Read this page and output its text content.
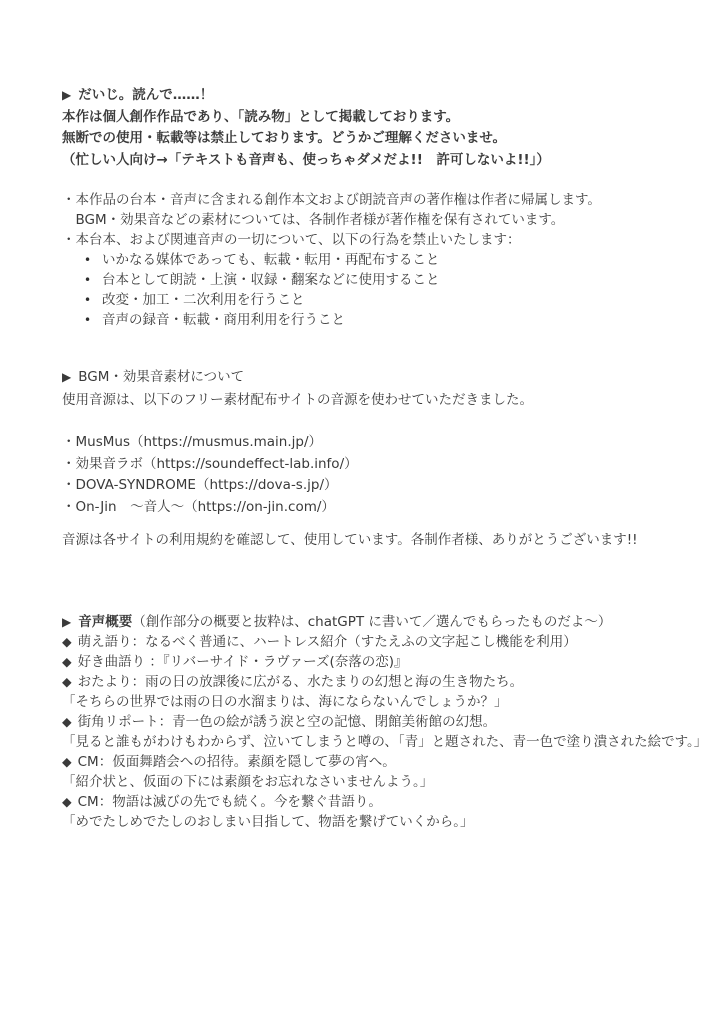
▶ だいじ。読んで……！
本作は個人創作作品であり、「読み物」として掲載しております。
無断での使用・転載等は禁止しております。どうかご理解くださいませ。
（忙しい人向け→「テキストも音声も、使っちゃダメだよ!!　許可しないよ!!」）
・本作品の台本・音声に含まれる創作本文および朗読音声の著作権は作者に帰属します。
　BGM・効果音などの素材については、各制作者様が著作権を保有されています。
・本台本、および関連音声の一切について、以下の行為を禁止いたします：
• いかなる媒体であっても、転載・転用・再配布すること
• 台本として朗読・上演・収録・翻案などに使用すること
• 改変・加工・二次利用を行うこと
• 音声の録音・転載・商用利用を行うこと
▶ BGM・効果音素材について
使用音源は、以下のフリー素材配布サイトの音源を使わせていただきました。
・MusMus（https://musmus.main.jp/）
・効果音ラボ（https://soundeffect-lab.info/）
・DOVA-SYNDROME（https://dova-s.jp/）
・On-Jin　～音人～（https://on-jin.com/）
音源は各サイトの利用規約を確認して、使用しています。各制作者様、ありがとうございます!!
▶ 音声概要（創作部分の概要と抜粋は、chatGPT に書いて／選んでもらったものだよ～）
◆ 萌え語り：なるべく普通に、ハートレス紹介（すたえふの文字起こし機能を利用）
◆ 好き曲語り ：『リバーサイド・ラヴァーズ(奈落の恋)』
◆ おたより：雨の日の放課後に広がる、水たまりの幻想と海の生き物たち。
「そちらの世界では雨の日の水溜まりは、海にならないんでしょうか？」
◆ 街角リポート：青一色の絵が誘う涙と空の記憶、閉館美術館の幻想。
「見ると誰もがわけもわからず、泣いてしまうと噂の、「青」と題された、青一色で塗り潰された絵です。」
◆ CM：仮面舞踏会への招待。素顔を隠して夢の宵へ。
「紹介状と、仮面の下には素顔をお忘れなさいませんよう。」
◆ CM：物語は滅びの先でも続く。今を繋ぐ昔語り。
「めでたしめでたしのおしまい目指して、物語を繋げていくから。」
